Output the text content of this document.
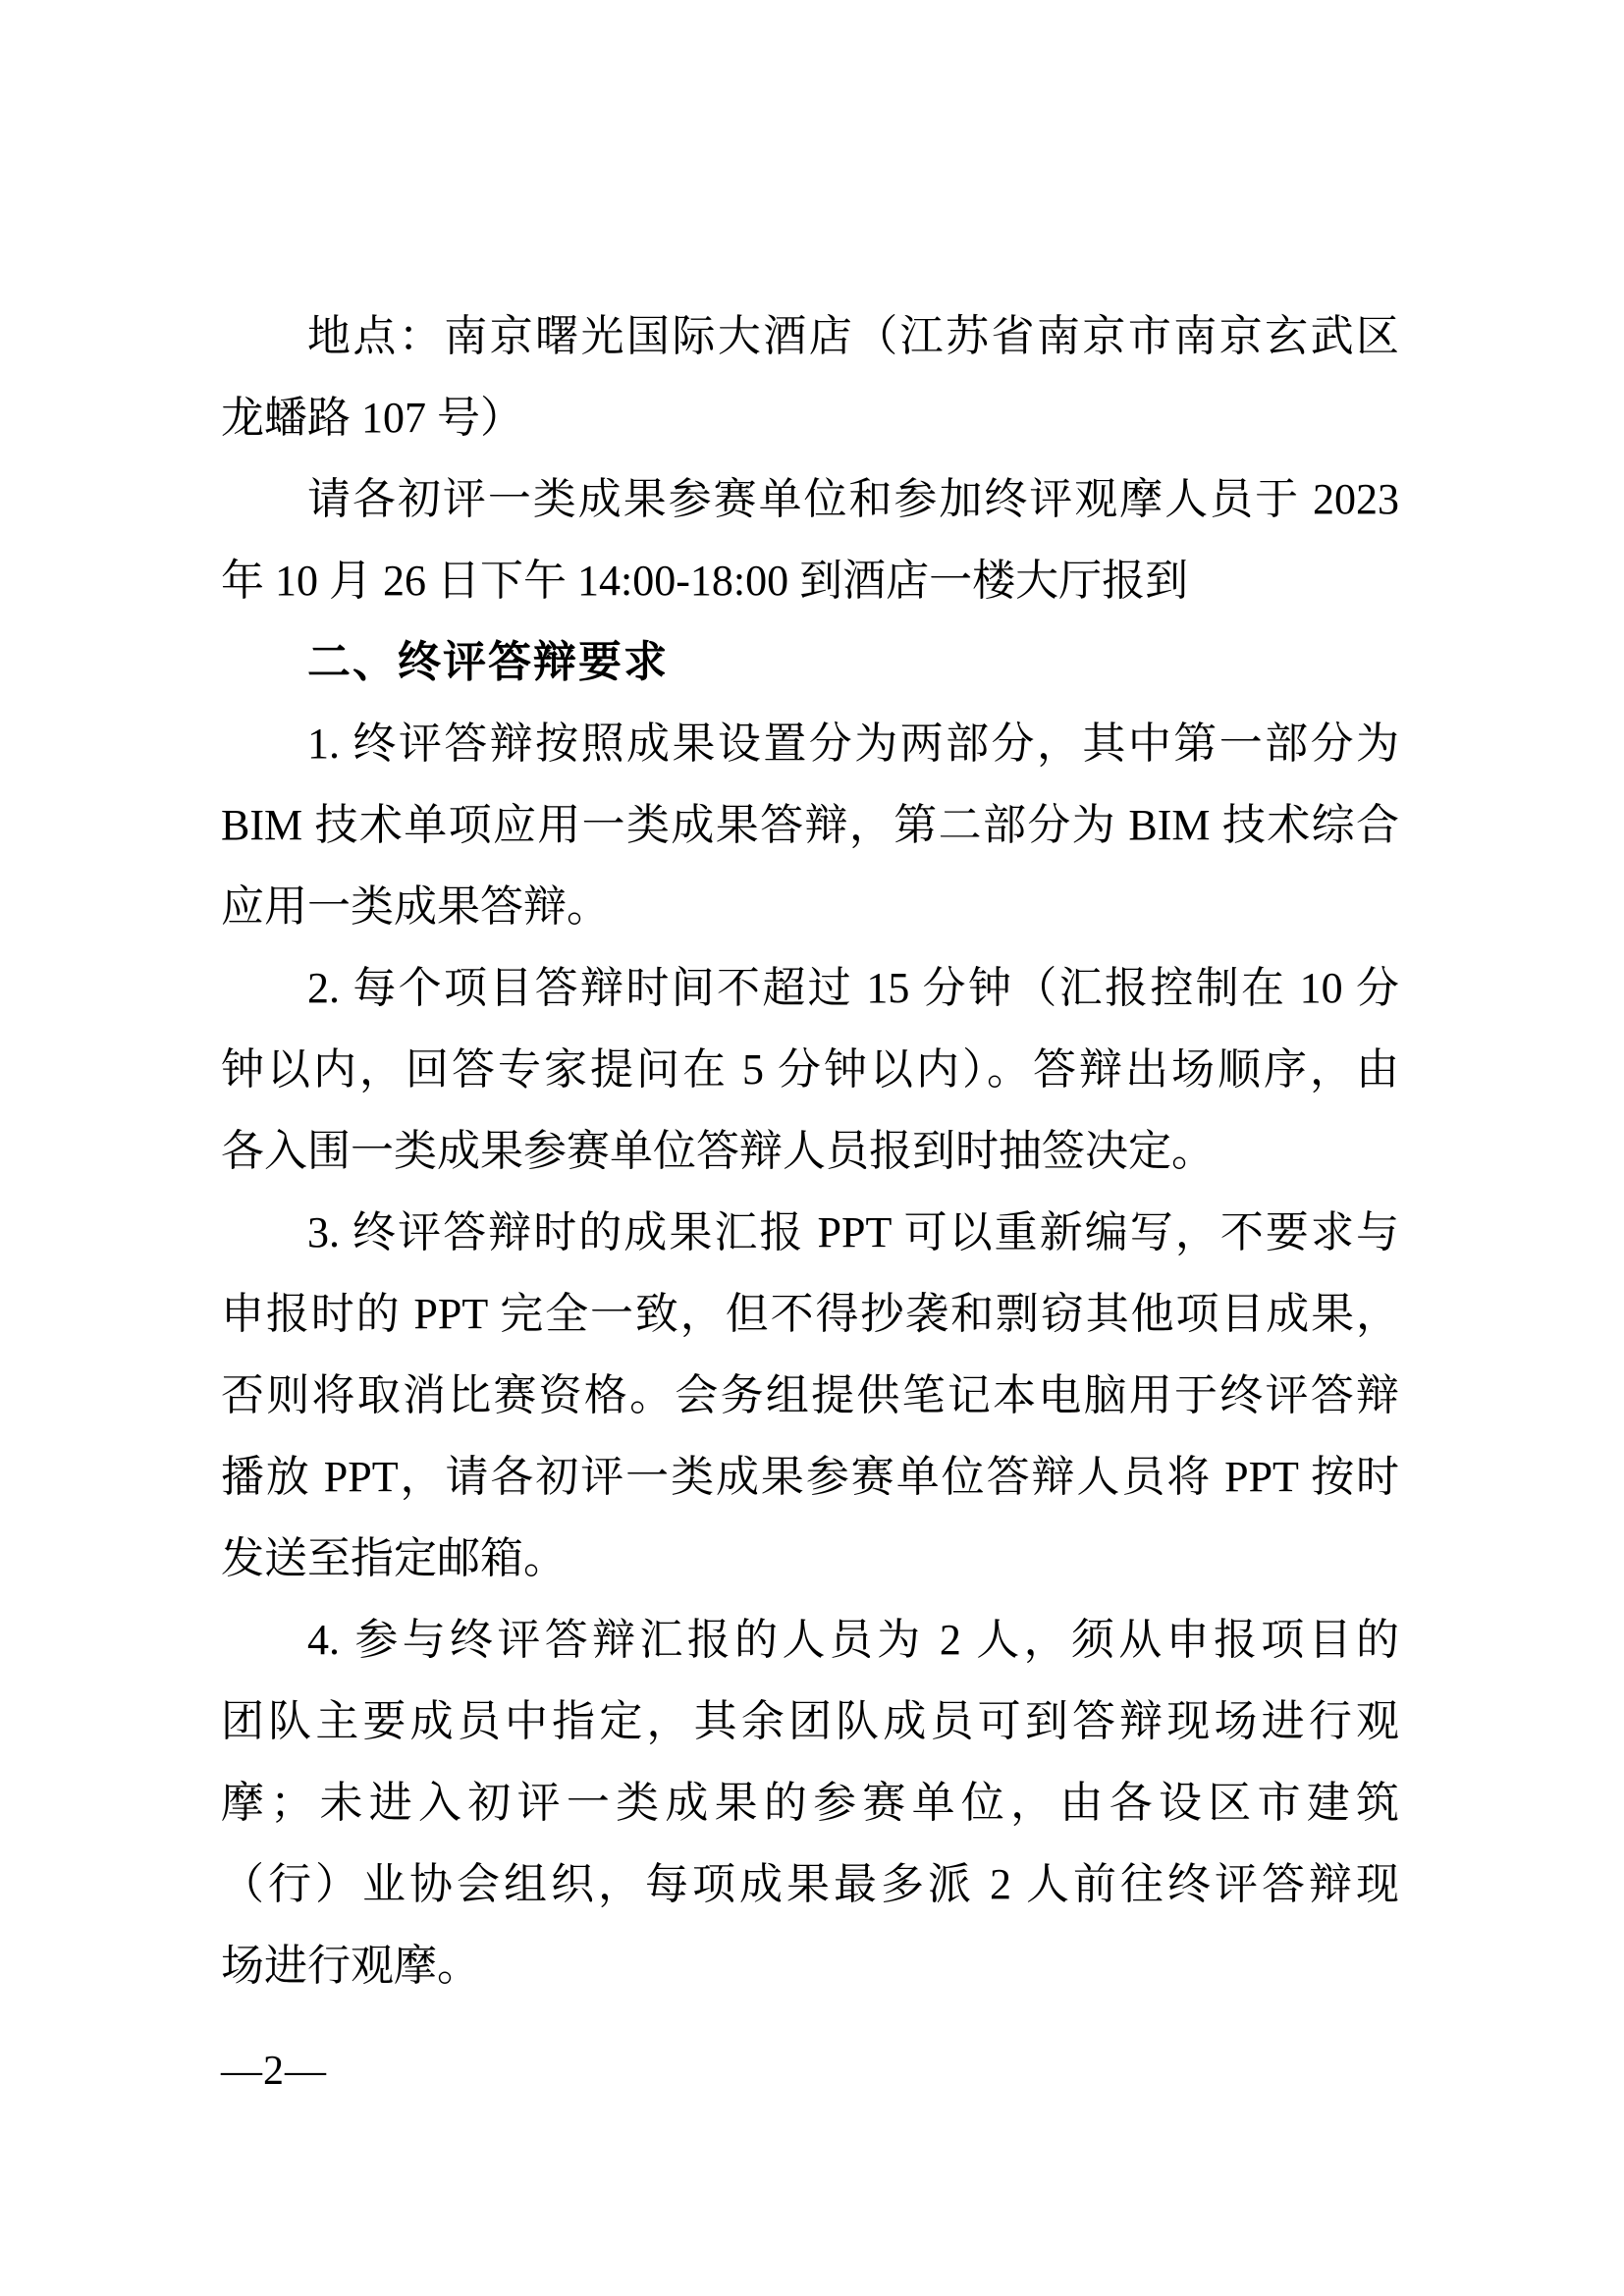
地点：南京曙光国际大酒店（江苏省南京市南京玄武区
龙蟠路 107 号）
请各初评一类成果参赛单位和参加终评观摩人员于 2023
年 10 月 26 日下午 14:00-18:00 到酒店一楼大厅报到
二、终评答辩要求
1. 终评答辩按照成果设置分为两部分，其中第一部分为
BIM 技术单项应用一类成果答辩，第二部分为 BIM 技术综合
应用一类成果答辩。
2. 每个项目答辩时间不超过 15 分钟（汇报控制在 10 分
钟以内，回答专家提问在 5 分钟以内）。答辩出场顺序，由
各入围一类成果参赛单位答辩人员报到时抽签决定。
3. 终评答辩时的成果汇报 PPT 可以重新编写，不要求与
申报时的 PPT 完全一致，但不得抄袭和剽窃其他项目成果，
否则将取消比赛资格。会务组提供笔记本电脑用于终评答辩
播放 PPT，请各初评一类成果参赛单位答辩人员将 PPT 按时
发送至指定邮箱。
4. 参与终评答辩汇报的人员为 2 人，须从申报项目的
团队主要成员中指定，其余团队成员可到答辩现场进行观
摩；未进入初评一类成果的参赛单位，由各设区市建筑
（行）业协会组织，每项成果最多派 2 人前往终评答辩现
场进行观摩。
—2—
